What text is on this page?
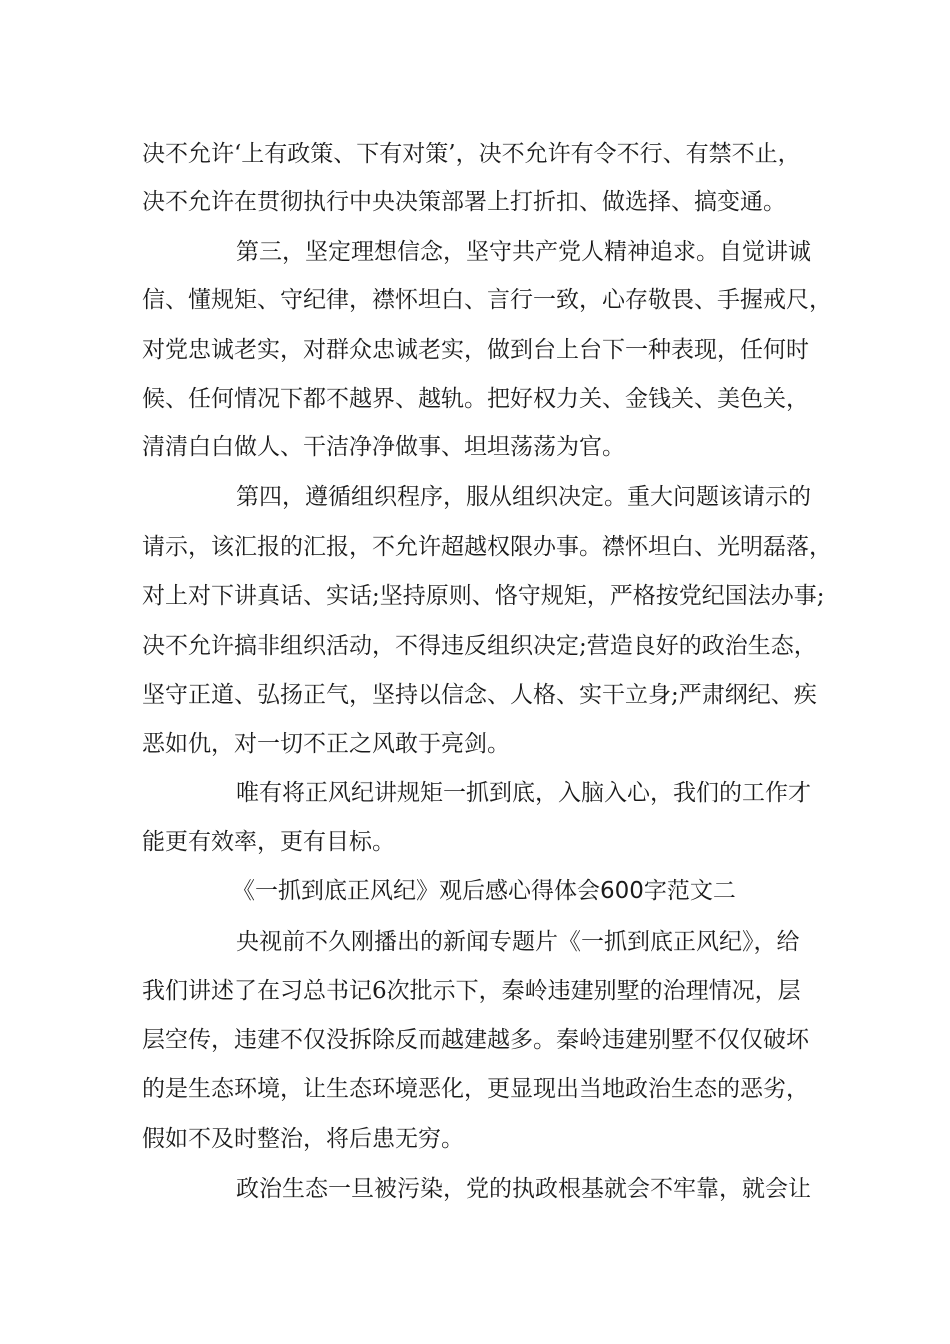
决不允许‘上有政策、下有对策’，决不允许有令不行、有禁不止，
决不允许在贯彻执行中央决策部署上打折扣、做选择、搞变通。
第三，坚定理想信念，坚守共产党人精神追求。自觉讲诚
信、懂规矩、守纪律，襟怀坦白、言行一致，心存敬畏、手握戒尺，
对党忠诚老实，对群众忠诚老实，做到台上台下一种表现，任何时
候、任何情况下都不越界、越轨。把好权力关、金钱关、美色关，
清清白白做人、干洁净净做事、坦坦荡荡为官。
第四，遵循组织程序，服从组织决定。重大问题该请示的
请示，该汇报的汇报，不允许超越权限办事。襟怀坦白、光明磊落，
对上对下讲真话、实话;坚持原则、恪守规矩，严格按党纪国法办事;
决不允许搞非组织活动，不得违反组织决定;营造良好的政治生态，
坚守正道、弘扬正气，坚持以信念、人格、实干立身;严肃纲纪、疾
恶如仇，对一切不正之风敢于亮剑。
唯有将正风纪讲规矩一抓到底，入脑入心，我们的工作才
能更有效率，更有目标。
《一抓到底正风纪》观后感心得体会600字范文二
央视前不久刚播出的新闻专题片《一抓到底正风纪》，给
我们讲述了在习总书记6次批示下，秦岭违建别墅的治理情况，层
层空传，违建不仅没拆除反而越建越多。秦岭违建别墅不仅仅破坏
的是生态环境，让生态环境恶化，更显现出当地政治生态的恶劣，
假如不及时整治，将后患无穷。
政治生态一旦被污染，党的执政根基就会不牢靠，就会让
